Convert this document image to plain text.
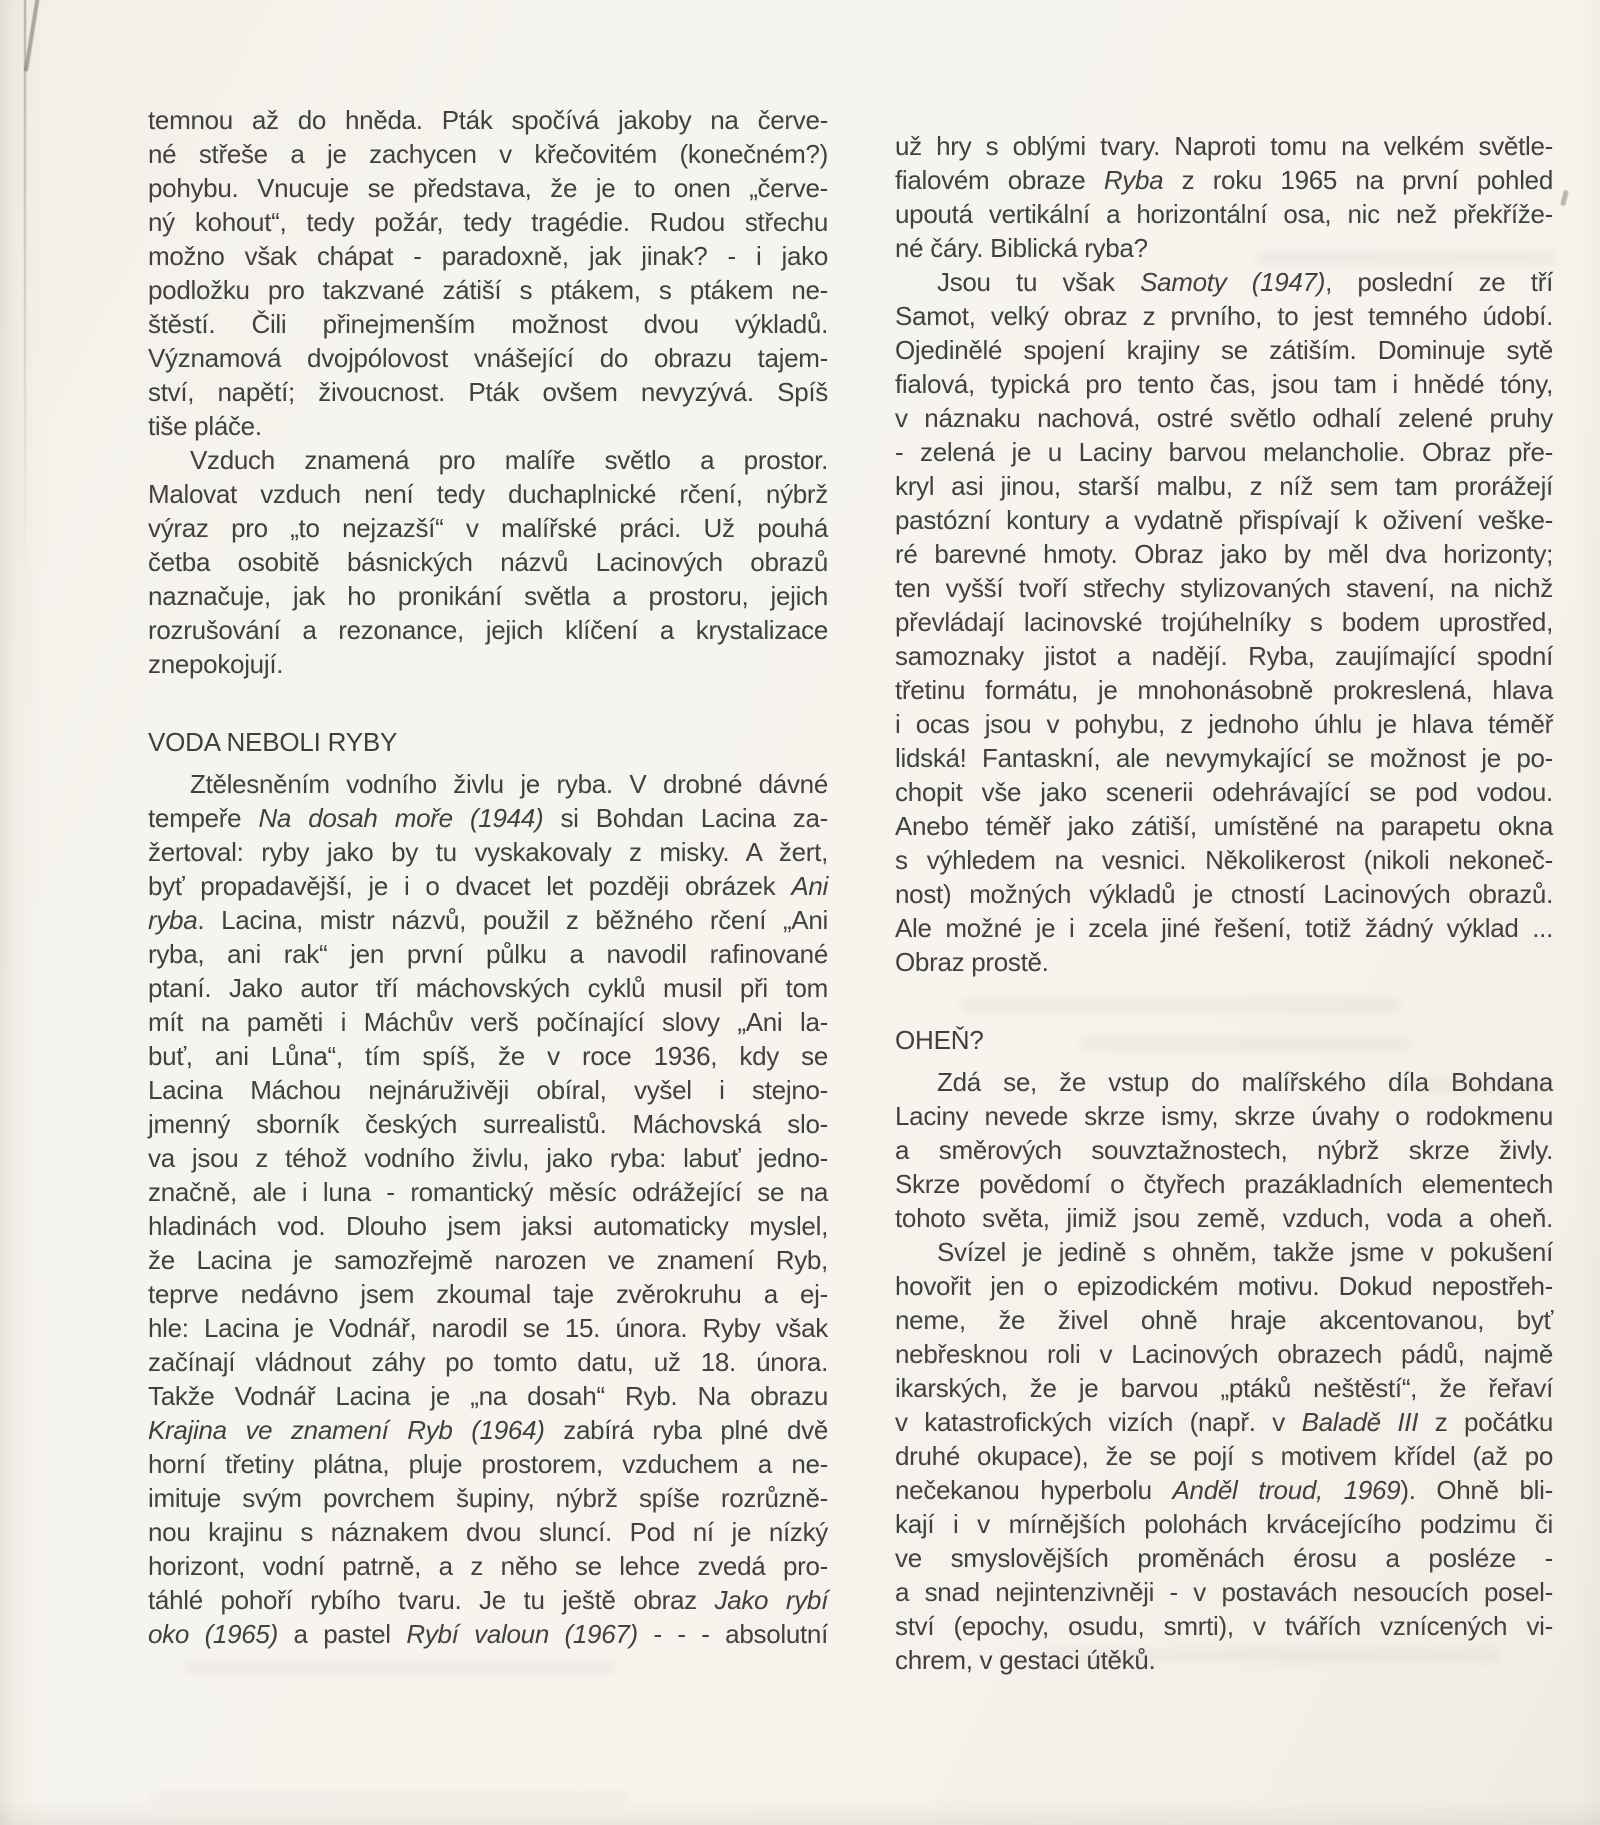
temnou až do hněda. Pták spočívá jakoby na červe-
né střeše a je zachycen v křečovitém (konečném?)
pohybu. Vnucuje se představa, že je to onen „červe-
ný kohout“, tedy požár, tedy tragédie. Rudou střechu
možno však chápat - paradoxně, jak jinak? - i jako
podložku pro takzvané zátiší s ptákem, s ptákem ne-
štěstí. Čili přinejmenším možnost dvou výkladů.
Významová dvojpólovost vnášející do obrazu tajem-
ství, napětí; živoucnost. Pták ovšem nevyzývá. Spíš
tiše pláče.
Vzduch znamená pro malíře světlo a prostor.
Malovat vzduch není tedy duchaplnické rčení, nýbrž
výraz pro „to nejzazší“ v malířské práci. Už pouhá
četba osobitě básnických názvů Lacinových obrazů
naznačuje, jak ho pronikání světla a prostoru, jejich
rozrušování a rezonance, jejich klíčení a krystalizace
znepokojují.
VODA NEBOLI RYBY
Ztělesněním vodního živlu je ryba. V drobné dávné
tempeře Na dosah moře (1944) si Bohdan Lacina za-
žertoval: ryby jako by tu vyskakovaly z misky. A žert,
byť propadavější, je i o dvacet let později obrázek Ani
ryba. Lacina, mistr názvů, použil z běžného rčení „Ani
ryba, ani rak“ jen první půlku a navodil rafinované
ptaní. Jako autor tří máchovských cyklů musil při tom
mít na paměti i Máchův verš počínající slovy „Ani la-
buť, ani Lůna“, tím spíš, že v roce 1936, kdy se
Lacina Máchou nejnáruživěji obíral, vyšel i stejno-
jmenný sborník českých surrealistů. Máchovská slo-
va jsou z téhož vodního živlu, jako ryba: labuť jedno-
značně, ale i luna - romantický měsíc odrážející se na
hladinách vod. Dlouho jsem jaksi automaticky myslel,
že Lacina je samozřejmě narozen ve znamení Ryb,
teprve nedávno jsem zkoumal taje zvěrokruhu a ej-
hle: Lacina je Vodnář, narodil se 15. února. Ryby však
začínají vládnout záhy po tomto datu, už 18. února.
Takže Vodnář Lacina je „na dosah“ Ryb. Na obrazu
Krajina ve znamení Ryb (1964) zabírá ryba plné dvě
horní třetiny plátna, pluje prostorem, vzduchem a ne-
imituje svým povrchem šupiny, nýbrž spíše rozrůzně-
nou krajinu s náznakem dvou sluncí. Pod ní je nízký
horizont, vodní patrně, a z něho se lehce zvedá pro-
táhlé pohoří rybího tvaru. Je tu ještě obraz Jako rybí
oko (1965) a pastel Rybí valoun (1967) - - - absolutní
už hry s oblými tvary. Naproti tomu na velkém světle-
fialovém obraze Ryba z roku 1965 na první pohled
upoutá vertikální a horizontální osa, nic než překříže-
né čáry. Biblická ryba?
Jsou tu však Samoty (1947), poslední ze tří
Samot, velký obraz z prvního, to jest temného údobí.
Ojedinělé spojení krajiny se zátiším. Dominuje sytě
fialová, typická pro tento čas, jsou tam i hnědé tóny,
v náznaku nachová, ostré světlo odhalí zelené pruhy
- zelená je u Laciny barvou melancholie. Obraz pře-
kryl asi jinou, starší malbu, z níž sem tam prorážejí
pastózní kontury a vydatně přispívají k oživení veške-
ré barevné hmoty. Obraz jako by měl dva horizonty;
ten vyšší tvoří střechy stylizovaných stavení, na nichž
převládají lacinovské trojúhelníky s bodem uprostřed,
samoznaky jistot a nadějí. Ryba, zaujímající spodní
třetinu formátu, je mnohonásobně prokreslená, hlava
i ocas jsou v pohybu, z jednoho úhlu je hlava téměř
lidská! Fantaskní, ale nevymykající se možnost je po-
chopit vše jako scenerii odehrávající se pod vodou.
Anebo téměř jako zátiší, umístěné na parapetu okna
s výhledem na vesnici. Několikerost (nikoli nekoneč-
nost) možných výkladů je ctností Lacinových obrazů.
Ale možné je i zcela jiné řešení, totiž žádný výklad ...
Obraz prostě.
OHEŇ?
Zdá se, že vstup do malířského díla Bohdana
Laciny nevede skrze ismy, skrze úvahy o rodokmenu
a směrových souvztažnostech, nýbrž skrze živly.
Skrze povědomí o čtyřech prazákladních elementech
tohoto světa, jimiž jsou země, vzduch, voda a oheň.
Svízel je jedině s ohněm, takže jsme v pokušení
hovořit jen o epizodickém motivu. Dokud nepostřeh-
neme, že živel ohně hraje akcentovanou, byť
nebřesknou roli v Lacinových obrazech pádů, najmě
ikarských, že je barvou „ptáků neštěstí“, že řeřaví
v katastrofických vizích (např. v Baladě III z počátku
druhé okupace), že se pojí s motivem křídel (až po
nečekanou hyperbolu Anděl troud, 1969). Ohně bli-
kají i v mírnějších polohách krvácejícího podzimu či
ve smyslovějších proměnách érosu a posléze -
a snad nejintenzivněji - v postavách nesoucích posel-
ství (epochy, osudu, smrti), v tvářích vznícených vi-
chrem, v gestaci útěků.
